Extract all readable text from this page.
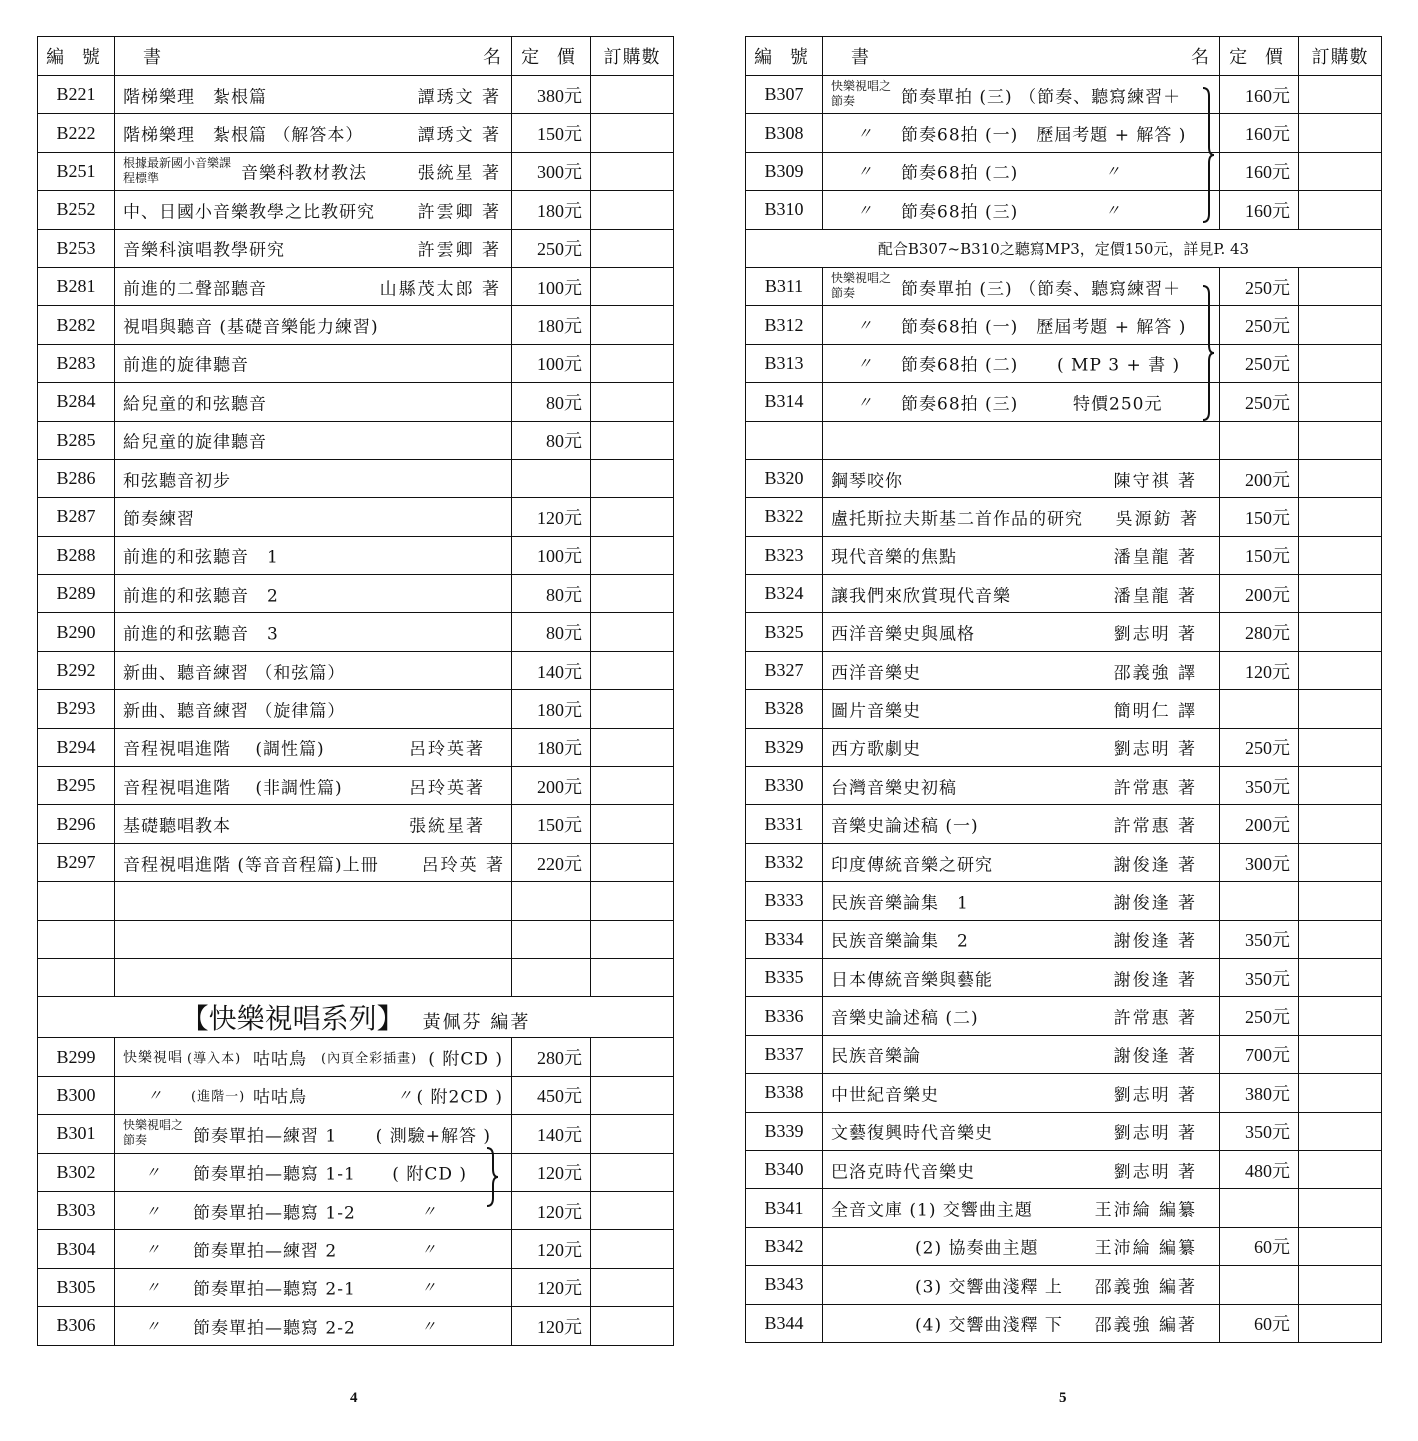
編 號	書 名	定 價	訂購數
B221	階梯樂理　紮根篇 譚琇文 著	380元	
B222	階梯樂理　紮根篇 （解答本） 譚琇文 著	150元	
B251	根據最新國小音樂課程標準 音樂科教材教法 張統星 著	300元	
B252	中、日國小音樂教學之比教研究 許雲卿 著	180元	
B253	音樂科演唱教學研究 許雲卿 著	250元	
B281	前進的二聲部聽音 山縣茂太郎 著	100元	
B282	視唱與聽音 (基礎音樂能力練習)	180元	
B283	前進的旋律聽音	100元	
B284	給兒童的和弦聽音	80元	
B285	給兒童的旋律聽音	80元	
B286	和弦聽音初步		

B287	節奏練習	120元	
B288	前進的和弦聽音　1	100元	
B289	前進的和弦聽音　2	80元	
B290	前進的和弦聽音　3	80元	
B292	新曲、聽音練習 （和弦篇）	140元	
B293	新曲、聽音練習 （旋律篇）	180元	
B294	音程視唱進階　 (調性篇) 呂玲英著	180元	
B295	音程視唱進階　 (非調性篇) 呂玲英著	200元	
B296	基礎聽唱教本 張統星著	150元	
B297	音程視唱進階 (等音音程篇)上冊 呂玲英 著	220元	

【快樂視唱系列】 黃佩芬 編著			
B299	快樂視唱 (導入本) 咕咕鳥 (內頁全彩插畫) ( 附CD )	280元	
B300	〃 (進階一) 咕咕鳥 〃 ( 附2CD )	450元	
B301	快樂視唱之節奏 節奏單拍—練習 1 ( 測驗+解答 )	140元	
B302	〃 節奏單拍—聽寫 1-1 ( 附CD )	120元	
B303	〃 節奏單拍—聽寫 1-2 〃	120元	
B304	〃 節奏單拍—練習 2 〃	120元	
B305	〃 節奏單拍—聽寫 2-1 〃	120元	
B306	〃 節奏單拍—聽寫 2-2 〃	120元	
編 號	書 名	定 價	訂購數
B307	快樂視唱之節奏 節奏單拍 (三) （節奏、聽寫練習＋	160元	
B308	〃 節奏68拍 (一)　歷屆考題 + 解答 )	160元	
B309	〃 節奏68拍 (二) 〃	160元	
B310	〃 節奏68拍 (三) 〃	160元	
配合B307~B310之聽寫MP3，定價150元，詳見P. 43			
B311	快樂視唱之節奏 節奏單拍 (三) （節奏、聽寫練習＋	250元	
B312	〃 節奏68拍 (一)　歷屆考題 + 解答 )	250元	
B313	〃 節奏68拍 (二) ( MP 3 + 書 )	250元	
B314	〃 節奏68拍 (三) 特價250元	250元	

B320	鋼琴咬你 陳守祺 著	200元	
B322	盧托斯拉夫斯基二首作品的研究 吳源鈁 著	150元	
B323	現代音樂的焦點 潘皇龍 著	150元	
B324	讓我們來欣賞現代音樂 潘皇龍 著	200元	
B325	西洋音樂史與風格 劉志明 著	280元	
B327	西洋音樂史 邵義強 譯	120元	
B328	圖片音樂史 簡明仁 譯		

B329	西方歌劇史 劉志明 著	250元	
B330	台灣音樂史初稿 許常惠 著	350元	
B331	音樂史論述稿 (一) 許常惠 著	200元	
B332	印度傳統音樂之研究 謝俊逢 著	300元	
B333	民族音樂論集　1 謝俊逢 著		

B334	民族音樂論集　2 謝俊逢 著	350元	
B335	日本傳統音樂與藝能 謝俊逢 著	350元	
B336	音樂史論述稿 (二) 許常惠 著	250元	
B337	民族音樂論 謝俊逢 著	700元	
B338	中世紀音樂史 劉志明 著	380元	
B339	文藝復興時代音樂史 劉志明 著	350元	
B340	巴洛克時代音樂史 劉志明 著	480元	
B341	全音文庫 (1) 交響曲主題 王沛綸 編纂		

B342	(2) 協奏曲主題 王沛綸 編纂	60元	
B343	(3) 交響曲淺釋 上 邵義強 編著		

B344	(4) 交響曲淺釋 下 邵義強 編著	60元	
4	5
